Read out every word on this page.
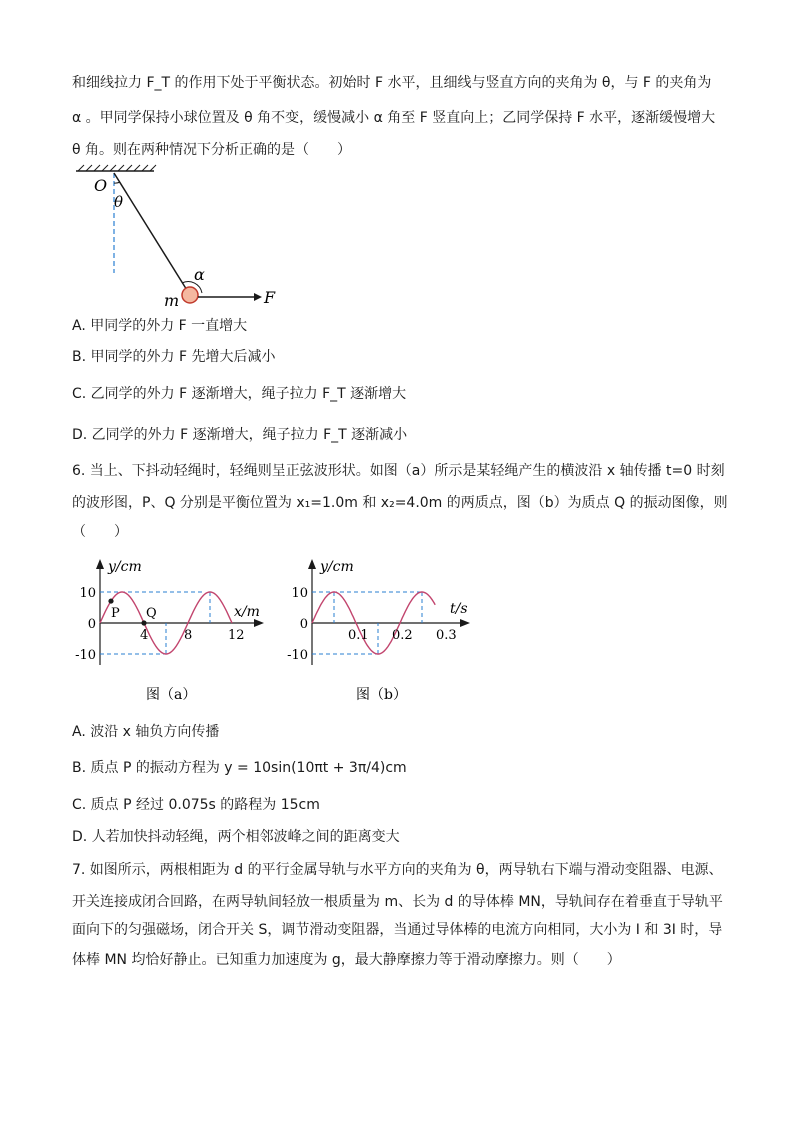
和细线拉力 F_T 的作用下处于平衡状态。初始时 F 水平，且细线与竖直方向的夹角为 θ，与 F 的夹角为
α 。甲同学保持小球位置及 θ 角不变，缓慢减小 α 角至 F 竖直向上；乙同学保持 F 水平，逐渐缓慢增大
θ 角。则在两种情况下分析正确的是（　　）
O
θ
α
m	F
A. 甲同学的外力 F 一直增大
B. 甲同学的外力 F 先增大后减小
C. 乙同学的外力 F 逐渐增大，绳子拉力 F_T 逐渐增大
D. 乙同学的外力 F 逐渐增大，绳子拉力 F_T 逐渐减小
6. 当上、下抖动轻绳时，轻绳则呈正弦波形状。如图（a）所示是某轻绳产生的横波沿 x 轴传播 t=0 时刻
的波形图，P、Q 分别是平衡位置为 x₁=1.0m 和 x₂=4.0m 的两质点，图（b）为质点 Q 的振动图像，则
（　　）
4	8	12
10
0
-10
P Q
y/cm
x/m
图（a）
0.1 0.2 0.3
10
0
-10
y/cm
t/s
图（b）
A. 波沿 x 轴负方向传播
B. 质点 P 的振动方程为 y = 10sin(10πt + 3π/4)cm
C. 质点 P 经过 0.075s 的路程为 15cm
D. 人若加快抖动轻绳，两个相邻波峰之间的距离变大
7. 如图所示，两根相距为 d 的平行金属导轨与水平方向的夹角为 θ，两导轨右下端与滑动变阻器、电源、
开关连接成闭合回路，在两导轨间轻放一根质量为 m、长为 d 的导体棒 MN，导轨间存在着垂直于导轨平
面向下的匀强磁场，闭合开关 S，调节滑动变阻器，当通过导体棒的电流方向相同，大小为 I 和 3I 时，导
体棒 MN 均恰好静止。已知重力加速度为 g，最大静摩擦力等于滑动摩擦力。则（　　）
